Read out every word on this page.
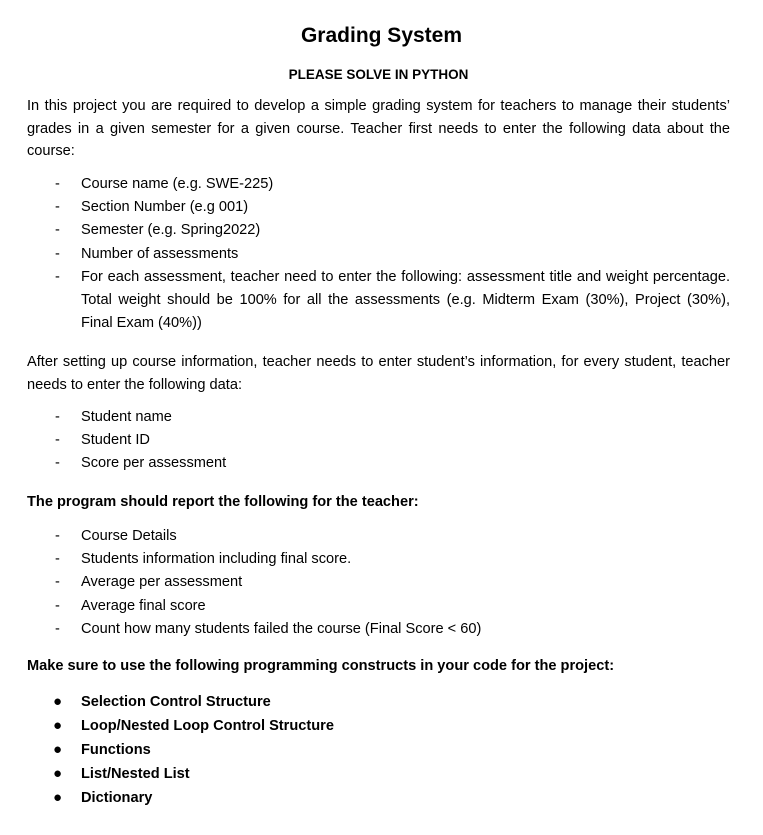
Grading System
PLEASE SOLVE IN PYTHON

In this project you are required to develop a simple grading system for teachers to manage their students’ grades in a given semester for a given course. Teacher first needs to enter the following data about the course:

- Course name (e.g. SWE-225)
- Section Number (e.g 001)
- Semester (e.g. Spring2022)
- Number of assessments
- For each assessment, teacher need to enter the following: assessment title and weight percentage. Total weight should be 100% for all the assessments (e.g. Midterm Exam (30%), Project (30%), Final Exam (40%))

After setting up course information, teacher needs to enter student’s information, for every student, teacher needs to enter the following data:

- Student name
- Student ID
- Score per assessment
The program should report the following for the teacher:
- Course Details
- Students information including final score.
- Average per assessment
- Average final score
- Count how many students failed the course (Final Score < 60)
Make sure to use the following programming constructs in your code for the project:
● Selection Control Structure
● Loop/Nested Loop Control Structure
● Functions
● List/Nested List
● Dictionary
